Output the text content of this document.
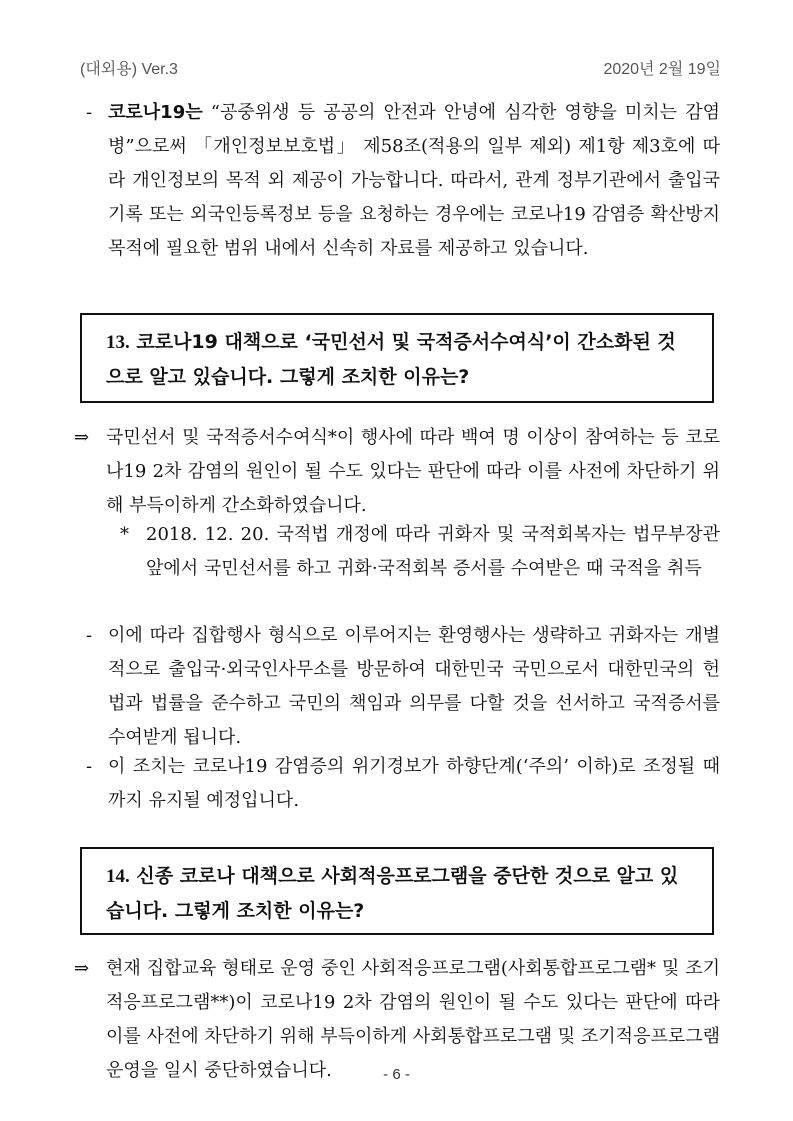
(대외용) Ver.3	2020년 2월 19일
- 코로나19는 “공중위생 등 공공의 안전과 안녕에 심각한 영향을 미치는 감염병”으로써 「개인정보보호법」 제58조(적용의 일부 제외) 제1항 제3호에 따라 개인정보의 목적 외 제공이 가능합니다. 따라서, 관계 정부기관에서 출입국기록 또는 외국인등록정보 등을 요청하는 경우에는 코로나19 감염증 확산방지 목적에 필요한 범위 내에서 신속히 자료를 제공하고 있습니다.
13. 코로나19 대책으로 ‘국민선서 및 국적증서수여식’이 간소화된 것으로 알고 있습니다. 그렇게 조치한 이유는?
⇒ 국민선서 및 국적증서수여식*이 행사에 따라 백여 명 이상이 참여하는 등 코로나19 2차 감염의 원인이 될 수도 있다는 판단에 따라 이를 사전에 차단하기 위해 부득이하게 간소화하였습니다.
* 2018. 12. 20. 국적법 개정에 따라 귀화자 및 국적회복자는 법무부장관 앞에서 국민선서를 하고 귀화·국적회복 증서를 수여받은 때 국적을 취득
- 이에 따라 집합행사 형식으로 이루어지는 환영행사는 생략하고 귀화자는 개별적으로 출입국·외국인사무소를 방문하여 대한민국 국민으로서 대한민국의 헌법과 법률을 준수하고 국민의 책임과 의무를 다할 것을 선서하고 국적증서를 수여받게 됩니다.
- 이 조치는 코로나19 감염증의 위기경보가 하향단계(‘주의’ 이하)로 조정될 때까지 유지될 예정입니다.
14. 신종 코로나 대책으로 사회적응프로그램을 중단한 것으로 알고 있습니다. 그렇게 조치한 이유는?
⇒ 현재 집합교육 형태로 운영 중인 사회적응프로그램(사회통합프로그램* 및 조기적응프로그램**)이 코로나19 2차 감염의 원인이 될 수도 있다는 판단에 따라 이를 사전에 차단하기 위해 부득이하게 사회통합프로그램 및 조기적응프로그램 운영을 일시 중단하였습니다.	- 6 -
